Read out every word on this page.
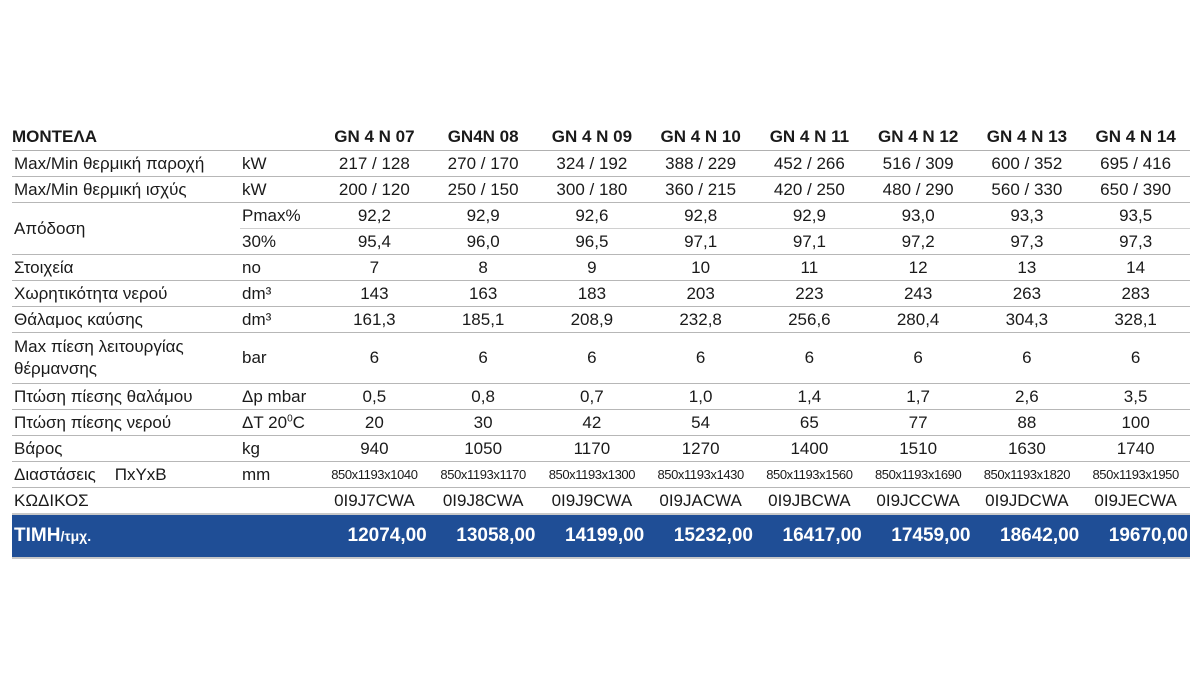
ΜΟΝΤΕΛΑ		GN 4 N 07	GN4N 08	GN 4 N 09	GN 4 N 10	GN 4 N 11	GN 4 N 12	GN 4 N 13	GN 4 N 14
Max/Min θερμική παροχή	kW	217 / 128	270 / 170	324 / 192	388 / 229	452 / 266	516 / 309	600 / 352	695 / 416
Max/Min θερμική ισχύς	kW	200 / 120	250 / 150	300 / 180	360 / 215	420 / 250	480 / 290	560 / 330	650 / 390
Απόδοση	Pmax%	92,2	92,9	92,6	92,8	92,9	93,0	93,3	93,5
	30%	95,4	96,0	96,5	97,1	97,1	97,2	97,3	97,3
Στοιχεία	no	7	8	9	10	11	12	13	14
Χωρητικότητα νερού	dm³	143	163	183	203	223	243	263	283
Θάλαμος καύσης	dm³	161,3	185,1	208,9	232,8	256,6	280,4	304,3	328,1
Max πίεση λειτουργίας θέρμανσης	bar	6	6	6	6	6	6	6	6
Πτώση πίεσης θαλάμου	Δp mbar	0,5	0,8	0,7	1,0	1,4	1,7	2,6	3,5
Πτώση πίεσης νερού	ΔT $20^0C$	20	30	42	54	65	77	88	100
Βάρος	kg	940	1050	1170	1270	1400	1510	1630	1740
Διαστάσεις    ΠxYxB	mm	850x1193x1040	850x1193x1170	850x1193x1300	850x1193x1430	850x1193x1560	850x1193x1690	850x1193x1820	850x1193x1950
ΚΩΔΙΚΟΣ		0I9J7CWA	0I9J8CWA	0I9J9CWA	0I9JACWA	0I9JBCWA	0I9JCCWA	0I9JDCWA	0I9JECWA
ΤΙΜΗ/τμχ.		12074,00	13058,00	14199,00	15232,00	16417,00	17459,00	18642,00	19670,00
